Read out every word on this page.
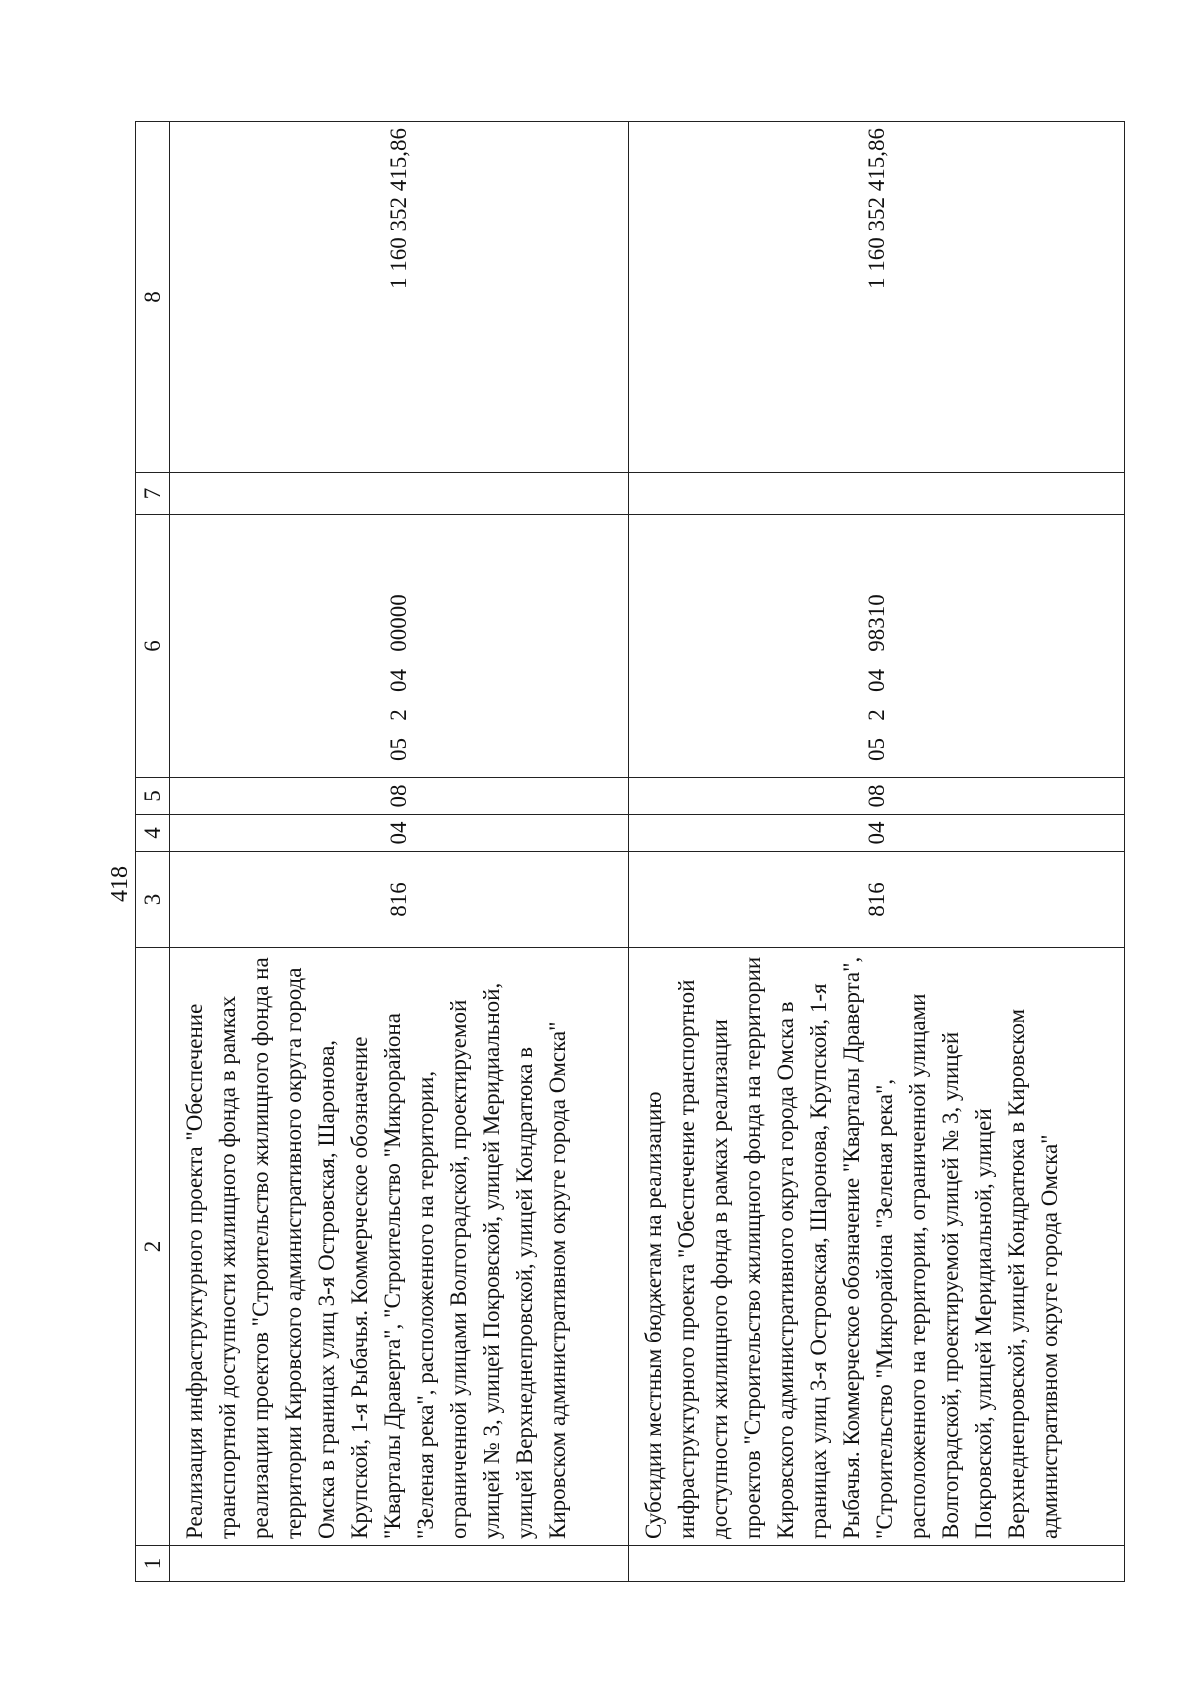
418
1	2	3	4	5	6	7	8
	Реализация инфраструктурного проекта "Обеспечение транспортной доступности жилищного фонда в рамках реализации проектов "Строительство жилищного фонда на территории Кировского административного округа города Омска в границах улиц 3-я Островская, Шаронова, Крупской, 1-я Рыбачья. Коммерческое обозначение "Кварталы Драверта", "Строительство "Микрорайона "Зеленая река", расположенного на территории, ограниченной улицами Волгоградской, проектируемой улицей № 3, улицей Покровской, улицей Меридиальной, улицей Верхнеднепровской, улицей Кондратюка в Кировском административном округе города Омска"	816	04	08	05   2   04   00000		1 160 352 415,86
	Субсидии местным бюджетам на реализацию инфраструктурного проекта "Обеспечение транспортной доступности жилищного фонда в рамках реализации проектов "Строительство жилищного фонда на территории Кировского административного округа города Омска в границах улиц 3-я Островская, Шаронова, Крупской, 1-я Рыбачья. Коммерческое обозначение "Кварталы Драверта", "Строительство "Микрорайона "Зеленая река", расположенного на территории, ограниченной улицами Волгоградской, проектируемой улицей № 3, улицей Покровской, улицей Меридиальной, улицей Верхнеднепровской, улицей Кондратюка в Кировском административном округе города Омска"	816	04	08	05   2   04   98310		1 160 352 415,86
